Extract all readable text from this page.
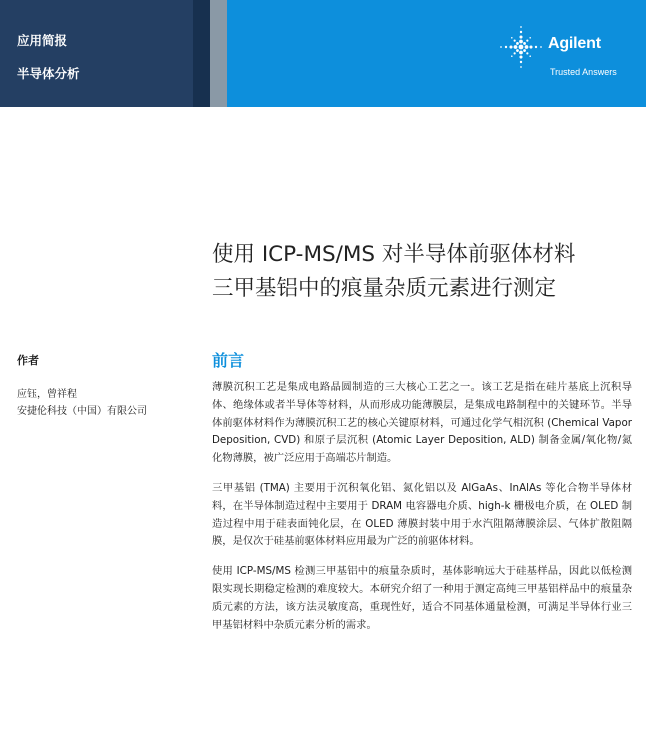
应用简报
半导体分析
Agilent
Trusted Answers
使用 ICP-MS/MS 对半导体前驱体材料
三甲基铝中的痕量杂质元素进行测定
作者
应钰，曾祥程
安捷伦科技（中国）有限公司
前言

薄膜沉积工艺是集成电路晶圆制造的三大核心工艺之一。该工艺是指在硅片基底上沉积导体、绝缘体或者半导体等材料，从而形成功能薄膜层，是集成电路制程中的关键环节。半导体前驱体材料作为薄膜沉积工艺的核心关键原材料，可通过化学气相沉积 (Chemical Vapor Deposition, CVD) 和原子层沉积 (Atomic Layer Deposition, ALD) 制备金属/氧化物/氮化物薄膜，被广泛应用于高端芯片制造。

三甲基铝 (TMA) 主要用于沉积氧化铝、氮化铝以及 AlGaAs、InAlAs 等化合物半导体材料，在半导体制造过程中主要用于 DRAM 电容器电介质、high-k 栅极电介质，在 OLED 制造过程中用于硅表面钝化层，在 OLED 薄膜封装中用于水汽阻隔薄膜涂层、气体扩散阻隔膜，是仅次于硅基前驱体材料应用最为广泛的前驱体材料。

使用 ICP-MS/MS 检测三甲基铝中的痕量杂质时，基体影响远大于硅基样品，因此以低检测限实现长期稳定检测的难度较大。本研究介绍了一种用于测定高纯三甲基铝样品中的痕量杂质元素的方法，该方法灵敏度高，重现性好，适合不同基体通量检测，可满足半导体行业三甲基铝材料中杂质元素分析的需求。
